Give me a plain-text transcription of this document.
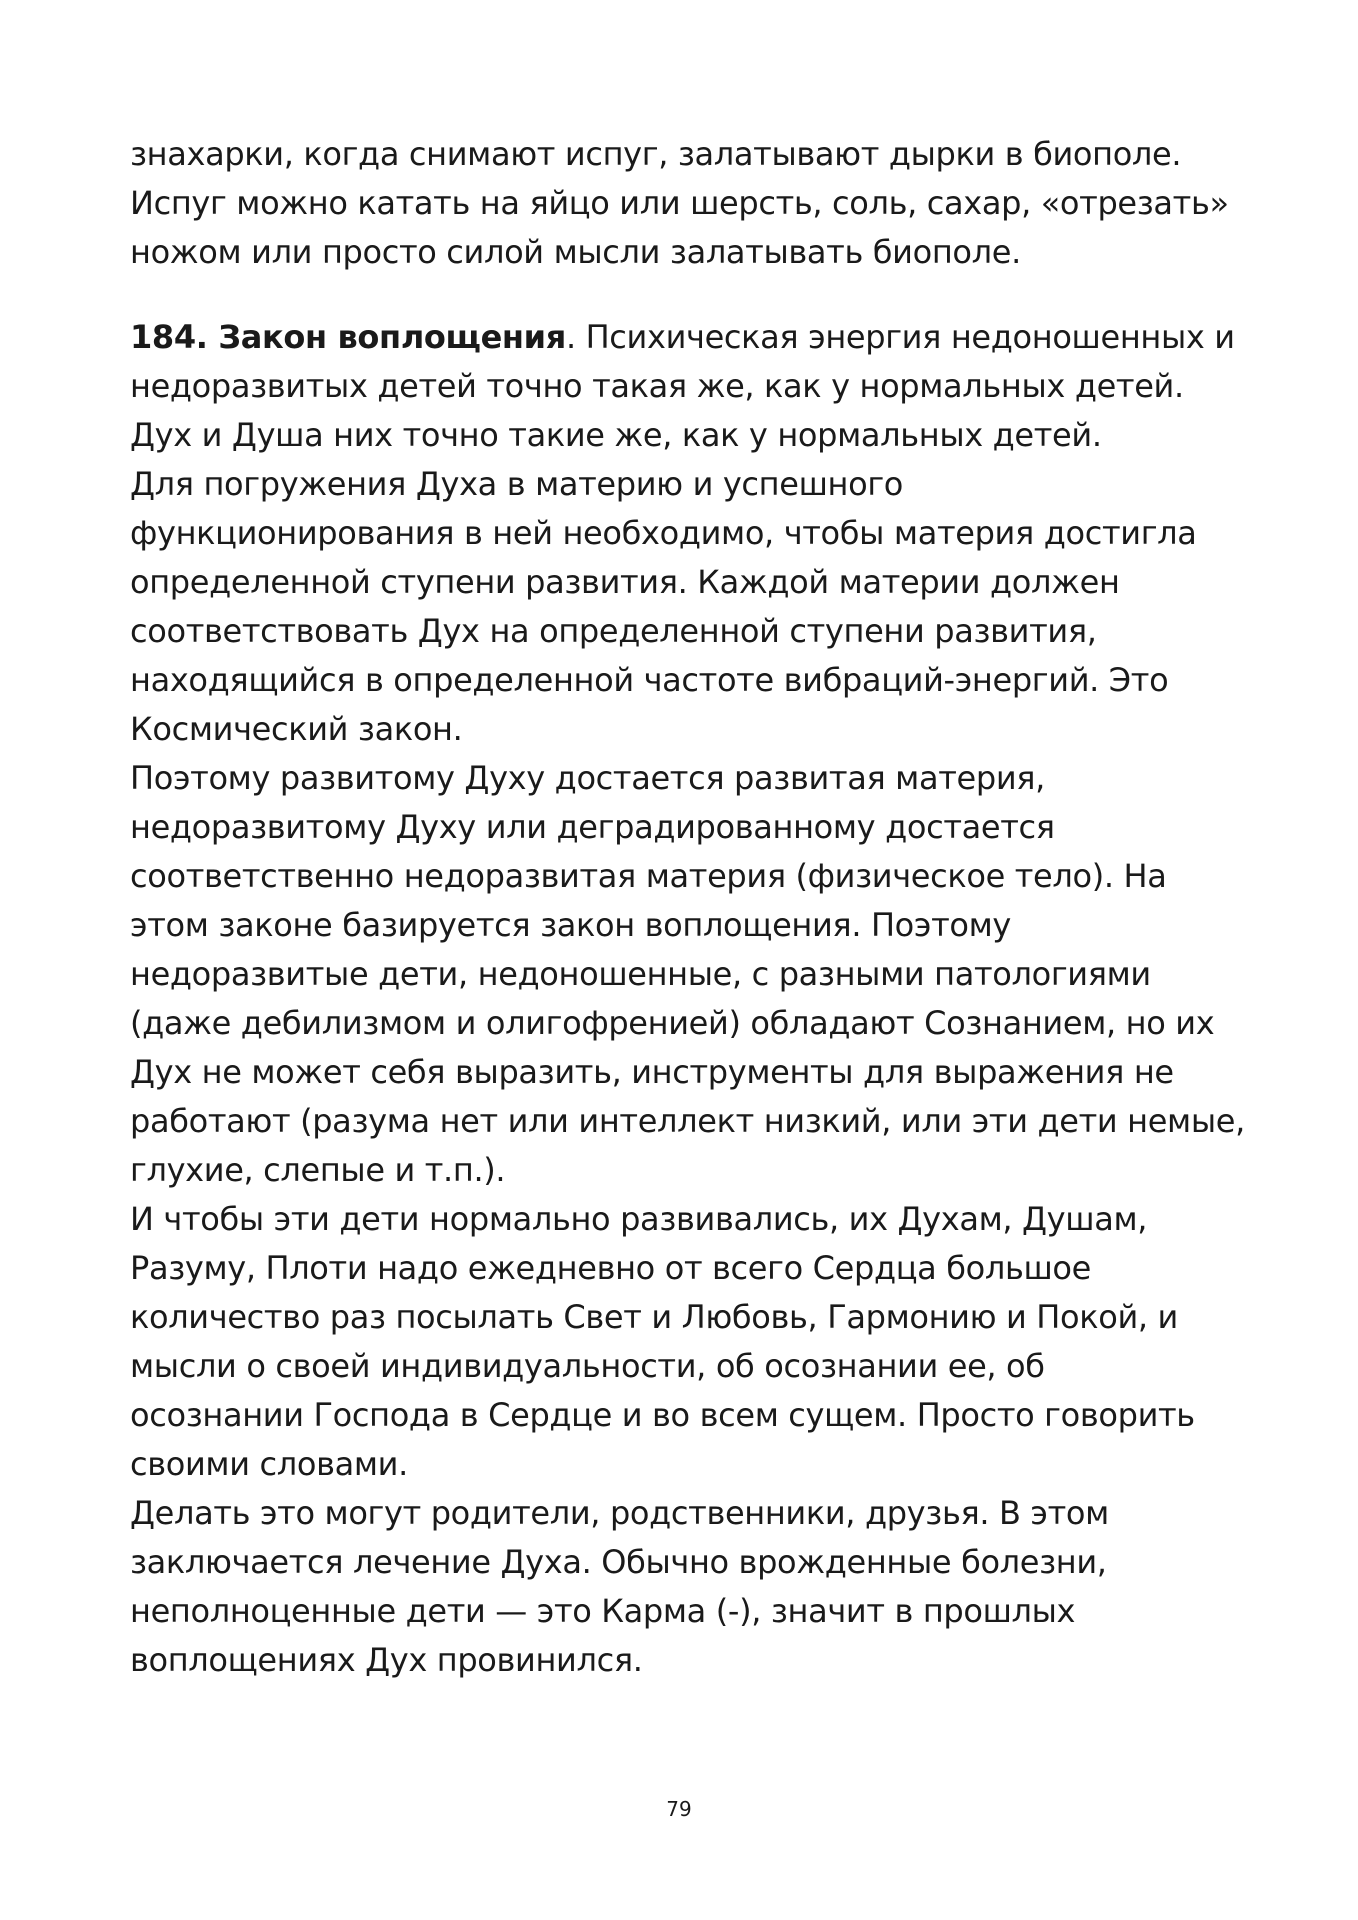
знахарки, когда снимают испуг, залатывают дырки в биополе.
Испуг можно катать на яйцо или шерсть, соль, сахар, «отрезать»
ножом или просто силой мысли залатывать биополе.
184. Закон воплощения. Психическая энергия недоношенных и
недоразвитых детей точно такая же, как у нормальных детей.
Дух и Душа них точно такие же, как у нормальных детей.
Для погружения Духа в материю и успешного
функционирования в ней необходимо, чтобы материя достигла
определенной ступени развития. Каждой материи должен
соответствовать Дух на определенной ступени развития,
находящийся в определенной частоте вибраций-энергий. Это
Космический закон.
Поэтому развитому Духу достается развитая материя,
недоразвитому Духу или деградированному достается
соответственно недоразвитая материя (физическое тело). На
этом законе базируется закон воплощения. Поэтому
недоразвитые дети, недоношенные, с разными патологиями
(даже дебилизмом и олигофренией) обладают Сознанием, но их
Дух не может себя выразить, инструменты для выражения не
работают (разума нет или интеллект низкий, или эти дети немые,
глухие, слепые и т.п.).
И чтобы эти дети нормально развивались, их Духам, Душам,
Разуму, Плоти надо ежедневно от всего Сердца большое
количество раз посылать Свет и Любовь, Гармонию и Покой, и
мысли о своей индивидуальности, об осознании ее, об
осознании Господа в Сердце и во всем сущем. Просто говорить
своими словами.
Делать это могут родители, родственники, друзья. В этом
заключается лечение Духа. Обычно врожденные болезни,
неполноценные дети — это Карма (-), значит в прошлых
воплощениях Дух провинился.
79
